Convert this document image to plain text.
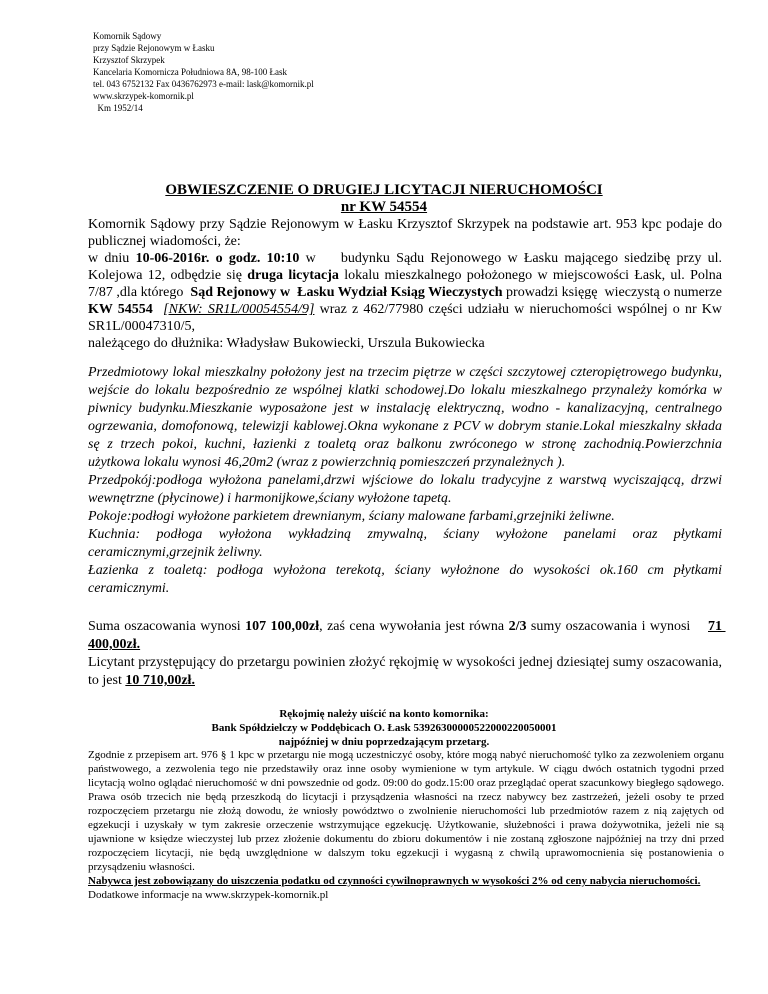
Komornik Sądowy
przy Sądzie Rejonowym w Łasku
Krzysztof Skrzypek
Kancelaria Komornicza Południowa 8A, 98-100 Łask
tel. 043 6752132 Fax 0436762973 e-mail: lask@komornik.pl
www.skrzypek-komornik.pl
Km 1952/14
OBWIESZCZENIE O DRUGIEJ LICYTACJI NIERUCHOMOŚCI
nr KW 54554

Komornik Sądowy przy Sądzie Rejonowym w Łasku Krzysztof Skrzypek na podstawie art. 953 kpc podaje do publicznej wiadomości, że:

w dniu 10-06-2016r. o godz. 10:10 w    budynku Sądu Rejonowego w Łasku mającego siedzibę przy ul. Kolejowa 12, odbędzie się druga licytacja lokalu mieszkalnego położonego w miejscowości Łask, ul. Polna 7/87 ,dla którego  Sąd Rejonowy w  Łasku Wydział Ksiąg Wieczystych prowadzi księgę  wieczystą o numerze KW 54554 [NKW: SR1L/00054554/9] wraz z 462/77980 części udziału w nieruchomości wspólnej o nr Kw SR1L/00047310/5,

należącego do dłużnika: Władysław Bukowiecki, Urszula Bukowiecka

Przedmiotowy lokal mieszkalny położony jest na trzecim piętrze w części szczytowej czteropiętrowego budynku, wejście do lokalu bezpośrednio ze wspólnej klatki schodowej.Do lokalu mieszkalnego przynależy komórka w piwnicy budynku.Mieszkanie wyposażone jest w instalację elektryczną, wodno - kanalizacyjną, centralnego ogrzewania, domofonową, telewizji kablowej.Okna wykonane z PCV w dobrym stanie.Lokal mieszkalny składa sę z trzech pokoi, kuchni, łazienki z toaletą oraz balkonu zwróconego w stronę zachodnią.Powierzchnia użytkowa lokalu wynosi 46,20m2 (wraz z powierzchnią pomieszczeń przynależnych ).

Przedpokój:podłoga wyłożona panelami,drzwi wjściowe do lokalu tradycyjne z warstwą wyciszającą, drzwi wewnętrzne (płycinowe) i harmonijkowe,ściany wyłożone tapetą.

Pokoje:podłogi wyłożone parkietem drewnianym, ściany malowane farbami,grzejniki żeliwne.

Kuchnia: podłoga wyłożona wykładziną zmywalną, ściany wyłożone panelami oraz płytkami ceramicznymi,grzejnik żeliwny.

Łazienka z toaletą: podłoga wyłożona terekotą, ściany wyłożnone do wysokości ok.160 cm płytkami ceramicznymi.

Suma oszacowania wynosi 107 100,00zł, zaś cena wywołania jest równa 2/3 sumy oszacowania i wynosi    71 400,00zł.

Licytant przystępujący do przetargu powinien złożyć rękojmię w wysokości jednej dziesiątej sumy oszacowania, to jest 10 710,00zł.

Rękojmię należy uiścić na konto komornika:
Bank Spółdzielczy w Poddębicach O. Łask 53926300000522000220050001
najpóźniej w dniu poprzedzającym przetarg.

Zgodnie z przepisem art. 976 § 1 kpc w przetargu nie mogą uczestniczyć osoby, które mogą nabyć nieruchomość tylko za zezwoleniem organu państwowego, a zezwolenia tego nie przedstawiły oraz inne osoby wymienione w tym artykule. W ciągu dwóch ostatnich tygodni przed licytacją wolno oglądać nieruchomość w dni powszednie od godz. 09:00 do godz.15:00 oraz przeglądać operat szacunkowy biegłego sądowego. Prawa osób trzecich nie będą przeszkodą do licytacji i przysądzenia własności na rzecz nabywcy bez zastrzeżeń, jeżeli osoby te przed rozpoczęciem przetargu nie złożą dowodu, że wniosły powództwo o zwolnienie nieruchomości lub przedmiotów razem z nią zajętych od egzekucji i uzyskały w tym zakresie orzeczenie wstrzymujące egzekucję. Użytkowanie, służebności i prawa dożywotnika, jeżeli nie są ujawnione w księdze wieczystej lub przez złożenie dokumentu do zbioru dokumentów i nie zostaną zgłoszone najpóźniej na trzy dni przed rozpoczęciem licytacji, nie będą uwzględnione w dalszym toku egzekucji i wygasną z chwilą uprawomocnienia się postanowienia o przysądzeniu własności.

Nabywca jest zobowiązany do uiszczenia podatku od czynności cywilnoprawnych w wysokości 2% od ceny nabycia nieruchomości.

Dodatkowe informacje na www.skrzypek-komornik.pl
